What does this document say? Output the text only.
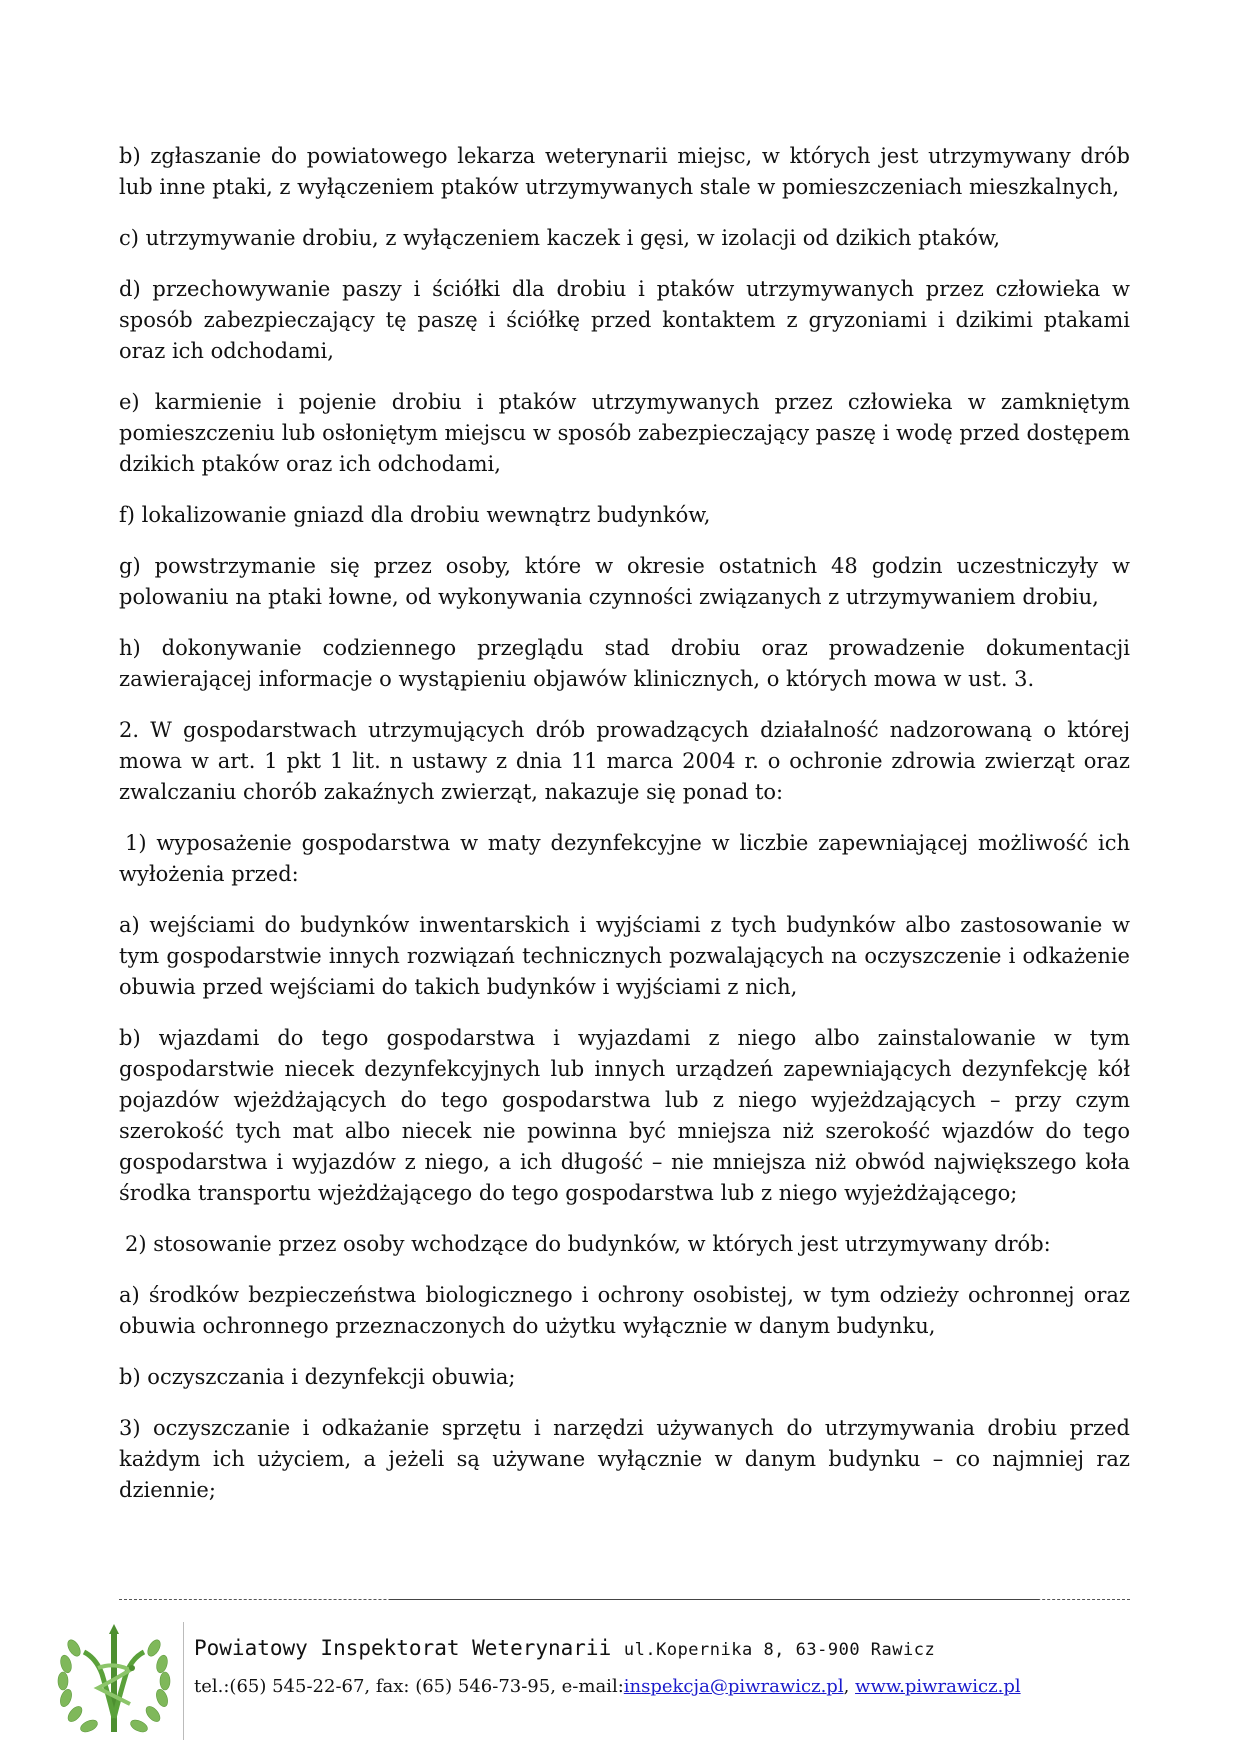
b) zgłaszanie do powiatowego lekarza weterynarii miejsc, w których jest utrzymywany drób lub inne ptaki, z wyłączeniem ptaków utrzymywanych stale w pomieszczeniach mieszkalnych,

c) utrzymywanie drobiu, z wyłączeniem kaczek i gęsi, w izolacji od dzikich ptaków,

d) przechowywanie paszy i ściółki dla drobiu i ptaków utrzymywanych przez człowieka w sposób zabezpieczający tę paszę i ściółkę przed kontaktem z gryzoniami i dzikimi ptakami oraz ich odchodami,

e) karmienie i pojenie drobiu i ptaków utrzymywanych przez człowieka w zamkniętym pomieszczeniu lub osłoniętym miejscu w sposób zabezpieczający paszę i wodę przed dostępem dzikich ptaków oraz ich odchodami,

f) lokalizowanie gniazd dla drobiu wewnątrz budynków,

g) powstrzymanie się przez osoby, które w okresie ostatnich 48 godzin uczestniczyły w polowaniu na ptaki łowne, od wykonywania czynności związanych z utrzymywaniem drobiu,

h) dokonywanie codziennego przeglądu stad drobiu oraz prowadzenie dokumentacji zawierającej informacje o wystąpieniu objawów klinicznych, o których mowa w ust. 3.

2. W gospodarstwach utrzymujących drób prowadzących działalność nadzorowaną o której mowa w art. 1 pkt 1 lit. n ustawy z dnia 11 marca 2004 r. o ochronie zdrowia zwierząt oraz zwalczaniu chorób zakaźnych zwierząt, nakazuje się ponad to:

1) wyposażenie gospodarstwa w maty dezynfekcyjne w liczbie zapewniającej możliwość ich wyłożenia przed:

a) wejściami do budynków inwentarskich i wyjściami z tych budynków albo zastosowanie w tym gospodarstwie innych rozwiązań technicznych pozwalających na oczyszczenie i odkażenie obuwia przed wejściami do takich budynków i wyjściami z nich,

b) wjazdami do tego gospodarstwa i wyjazdami z niego albo zainstalowanie w tym gospodarstwie niecek dezynfekcyjnych lub innych urządzeń zapewniających dezynfekcję kół pojazdów wjeżdżających do tego gospodarstwa lub z niego wyjeżdzających – przy czym szerokość tych mat albo niecek nie powinna być mniejsza niż szerokość wjazdów do tego gospodarstwa i wyjazdów z niego, a ich długość – nie mniejsza niż obwód największego koła środka transportu wjeżdżającego do tego gospodarstwa lub z niego wyjeżdżającego;

2) stosowanie przez osoby wchodzące do budynków, w których jest utrzymywany drób:

a) środków bezpieczeństwa biologicznego i ochrony osobistej, w tym odzieży ochronnej oraz obuwia ochronnego przeznaczonych do użytku wyłącznie w danym budynku,

b) oczyszczania i dezynfekcji obuwia;

3) oczyszczanie i odkażanie sprzętu i narzędzi używanych do utrzymywania drobiu przed każdym ich użyciem, a jeżeli są używane wyłącznie w danym budynku – co najmniej raz dziennie;

Powiatowy Inspektorat Weterynarii ul.Kopernika 8, 63-900 Rawicz
tel.:(65) 545-22-67, fax: (65) 546-73-95, e-mail:inspekcja@piwrawicz.pl, www.piwrawicz.pl
